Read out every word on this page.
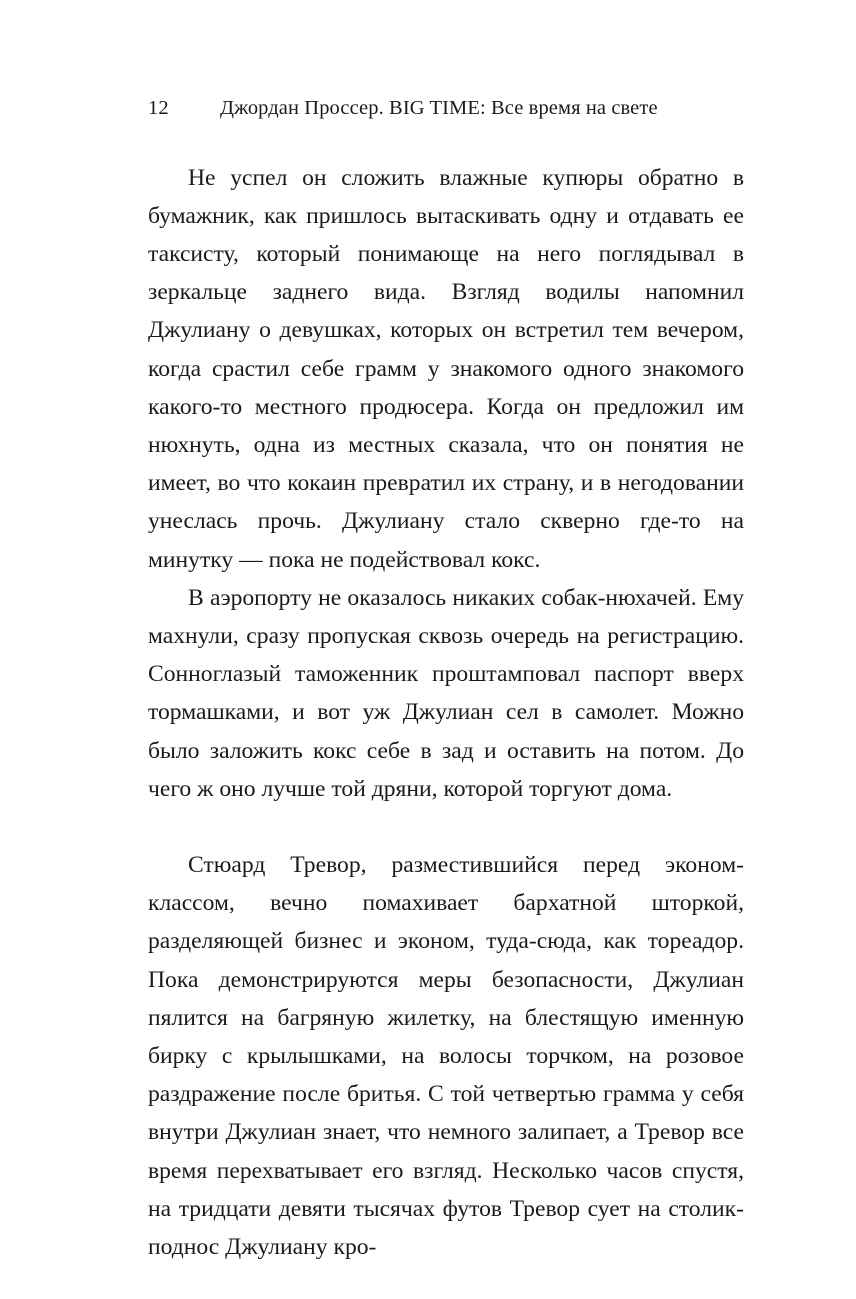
12	Джордан Проссер. BIG TIME: Все время на свете

Не успел он сложить влажные купюры обратно в бумажник, как пришлось вытаскивать одну и отдавать ее таксисту, который понимающе на него поглядывал в зеркальце заднего вида. Взгляд водилы напомнил Джулиану о девушках, которых он встретил тем вечером, когда срастил себе грамм у знакомого одного знакомого какого-то местного продюсера. Когда он предложил им нюхнуть, одна из местных сказала, что он понятия не имеет, во что кокаин превратил их страну, и в негодовании унеслась прочь. Джулиану стало скверно где-то на минутку — пока не подействовал кокс.

В аэропорту не оказалось никаких собак-нюхачей. Ему махнули, сразу пропуская сквозь очередь на регистрацию. Сонноглазый таможенник проштамповал паспорт вверх тормашками, и вот уж Джулиан сел в самолет. Можно было заложить кокс себе в зад и оставить на потом. До чего ж оно лучше той дряни, которой торгуют дома.

Стюард Тревор, разместившийся перед эконом-классом, вечно помахивает бархатной шторкой, разделяющей бизнес и эконом, туда-сюда, как тореадор. Пока демонстрируются меры безопасности, Джулиан пялится на багряную жилетку, на блестящую именную бирку с крылышками, на волосы торчком, на розовое раздражение после бритья. С той четвертью грамма у себя внутри Джулиан знает, что немного залипает, а Тревор все время перехватывает его взгляд. Несколько часов спустя, на тридцати девяти тысячах футов Тревор сует на столик-поднос Джулиану кро-
